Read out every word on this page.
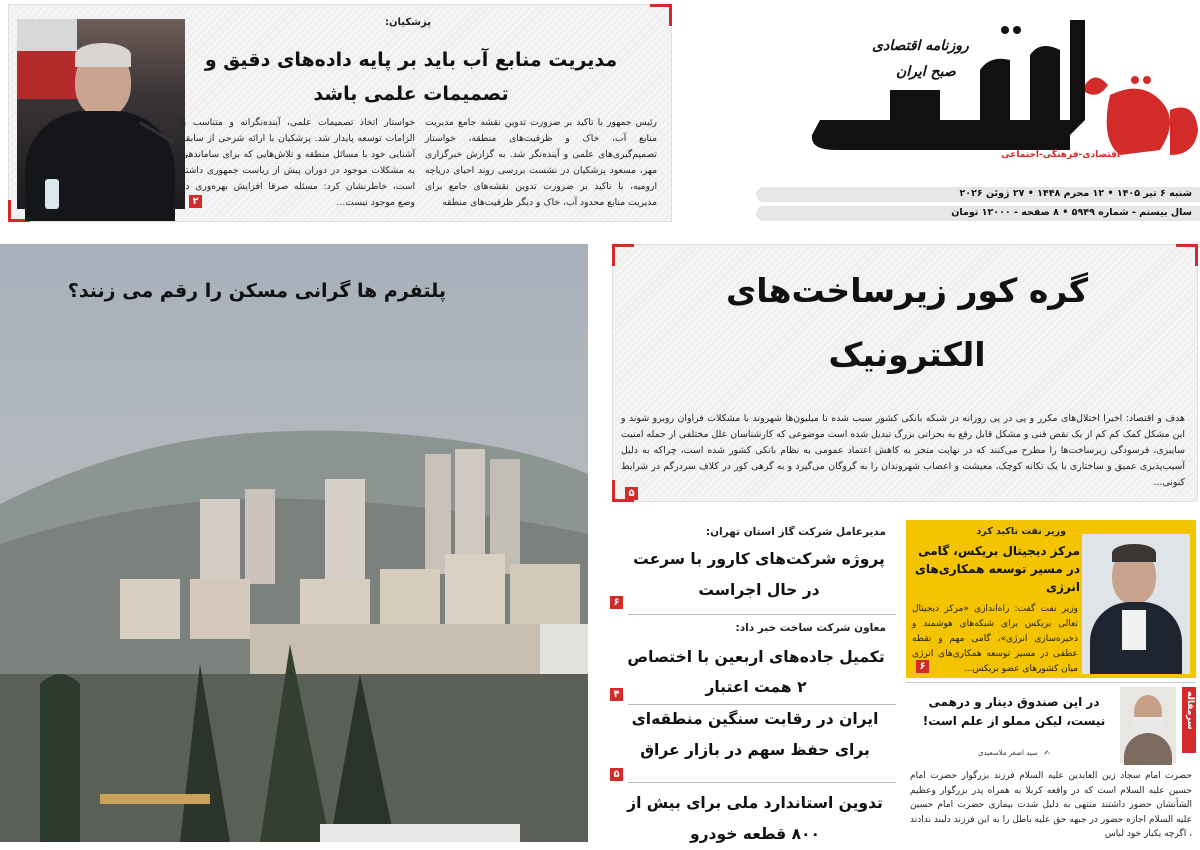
روزنامه اقتصادی
صبح ایران
اقتصادی-فرهنگی-اجتماعی
شنبه ۶ تیر ۱۴۰۵ • ۱۲ محرم ۱۴۴۸ • ۲۷ ژوئن ۲۰۲۶
سال بیستم - شماره ۵۹۴۹ • ۸ صفحه - ۱۲۰۰۰ تومان
۲
پزشکیان:
مدیریت منابع آب باید بر پایه داده‌های دقیق و تصمیمات علمی باشد
رئیس جمهور با تاکید بر ضرورت تدوین نقشه جامع مدیریت منابع آب، خاک و ظرفیت‌های منطقه، خواستار تصمیم‌گیری‌های علمی و آینده‌نگر شد. به گزارش خبرگزاری مهر، مسعود پزشکیان در نشست بررسی روند احیای دریاچه ارومیه، با تاکید بر ضرورت تدوین نقشه‌های جامع برای مدیریت منابع محدود آب، خاک و دیگر ظرفیت‌های منطقه
خواستار اتخاذ تصمیمات علمی، آینده‌نگرانه و متناسب با الزامات توسعه پایدار شد. پزشکیان با ارائه شرحی از سابقه آشنایی خود با مسائل منطقه و تلاش‌هایی که برای ساماندهی به مشکلات موجود در دوران پیش از ریاست جمهوری داشته است، خاطرنشان کرد: مسئله صرفا افزایش بهره‌وری در وضع موجود نیست...
پلتفرم ها گرانی مسکن را رقم می زنند؟	گره کور زیرساخت‌های
الکترونیک
هدف و اقتصاد: اخیرا اختلال‌های مکرر و پی در پی روزانه در شبکه بانکی کشور سبب شده تا میلیون‌ها شهروند با مشکلات فراوان روبرو شوند و این مشکل کمک کم کم از یک نقص فنی و مشکل قابل رفع به بحرانی بزرگ تبدیل شده است موضوعی که کارشناسان علل مختلفی از جمله امنیت سایبری، فرسودگی زیرساخت‌ها را مطرح می‌کنند که در نهایت منجر به کاهش اعتماد عمومی به نظام بانکی کشور شده است، چراکه به دلیل آسیب‌پذیری عمیق و ساختاری با یک تکانه کوچک، معیشت و اعصاب شهروندان را به گروگان می‌گیرد و به گرهی کور در کلاف سردرگم در شرایط کنونی...
۵
مدیرعامل شرکت گاز استان تهران:
پروژه شرکت‌های کارور با سرعت در حال اجراست
۶
معاون شرکت ساخت خبر داد:
تکمیل جاده‌های اربعین با اختصاص ۲ همت اعتبار
۴
ایران در رقابت سنگین منطقه‌ای برای حفظ سهم در بازار عراق
۵
تدوین استاندارد ملی برای بیش از ۸۰۰ قطعه خودرو
وزیر نفت تاکید کرد
مرکز دیجیتال بریکس، گامی در مسیر توسعه همکاری‌های انرژی
وزیر نفت گفت: راه‌اندازی «مرکز دیجیتال تعالی بریکس برای شبکه‌های هوشمند و ذخیره‌سازی انرژی»، گامی مهم و نقطه عطفی در مسیر توسعه همکاری‌های انرژی میان کشورهای عضو بریکس...
۶
سرمقاله
در این صندوق دینار و درهمی نیست، لیکن مملو از علم است!
✍ سید اصغر ملاسعیدی
حضرت امام سجاد زین العابدین علیه السلام فرزند بزرگوار حضرت امام حسین علیه السلام است که در واقعه کربلا به همراه پدر بزرگوار وعظیم الشأنشان حضور داشتند منتهی به دلیل شدت بیماری حضرت امام حسین علیه السلام اجازه حضور در جبهه حق علیه باطل را به این فرزند دلبند ندادند ، اگرچه یکبار خود لباس
